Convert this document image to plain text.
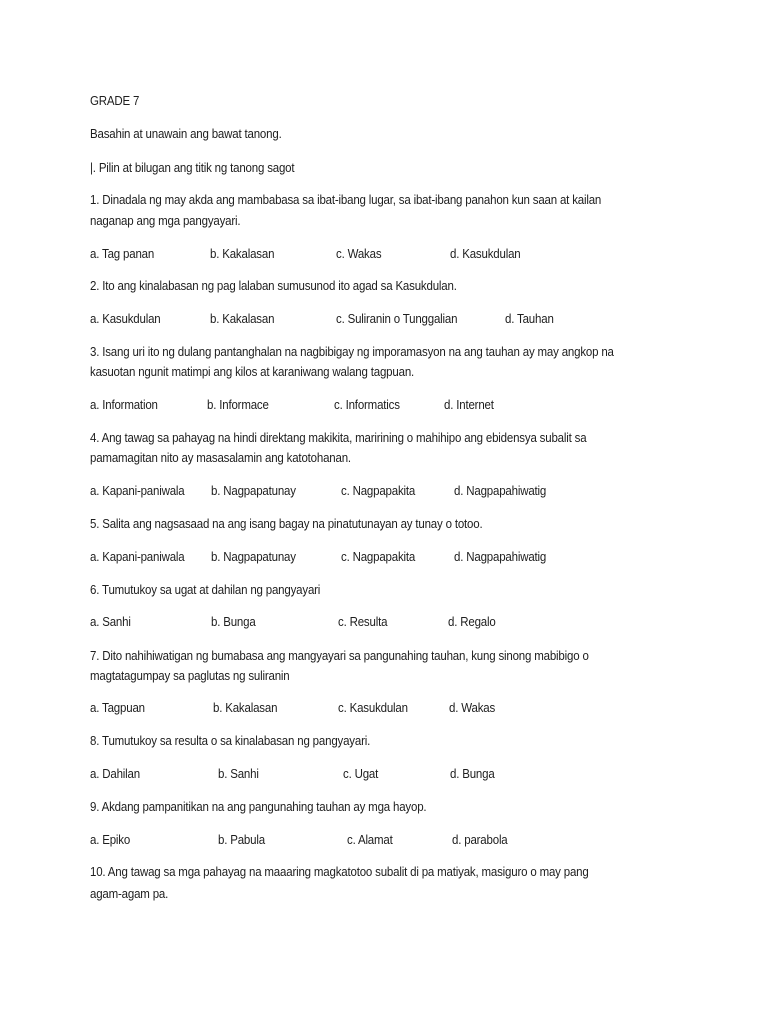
GRADE 7
Basahin at unawain ang bawat tanong.
|. Pilin at bilugan ang titik ng tanong sagot
1. Dinadala ng may akda ang mambabasa sa ibat-ibang lugar, sa ibat-ibang panahon kun saan at kailan
naganap ang mga pangyayari.
a. Tag panan	b. Kakalasan	c. Wakas	d. Kasukdulan
2. Ito ang kinalabasan ng pag lalaban sumusunod ito agad sa Kasukdulan.
a. Kasukdulan	b. Kakalasan	c. Suliranin o Tunggalian	d. Tauhan
3. Isang uri ito ng dulang pantanghalan na nagbibigay ng imporamasyon na ang tauhan ay may angkop na
kasuotan ngunit matimpi ang kilos at karaniwang walang tagpuan.
a. Information	b. Informace	c. Informatics	d. Internet
4. Ang tawag sa pahayag na hindi direktang makikita, maririning o mahihipo ang ebidensya subalit sa
pamamagitan nito ay masasalamin ang katotohanan.
a. Kapani-paniwala b. Nagpapatunay	c. Nagpapakita	d. Nagpapahiwatig
5. Salita ang nagsasaad na ang isang bagay na pinatutunayan ay tunay o totoo.
a. Kapani-paniwala b. Nagpapatunay	c. Nagpapakita	d. Nagpapahiwatig
6. Tumutukoy sa ugat at dahilan ng pangyayari
a. Sanhi	b. Bunga	c. Resulta	d. Regalo
7. Dito nahihiwatigan ng bumabasa ang mangyayari sa pangunahing tauhan, kung sinong mabibigo o
magtatagumpay sa paglutas ng suliranin
a. Tagpuan	b. Kakalasan	c. Kasukdulan	d. Wakas
8. Tumutukoy sa resulta o sa kinalabasan ng pangyayari.
a. Dahilan	b. Sanhi	c. Ugat	d. Bunga
9. Akdang pampanitikan na ang pangunahing tauhan ay mga hayop.
a. Epiko	b. Pabula	c. Alamat	d. parabola
10. Ang tawag sa mga pahayag na maaaring magkatotoo subalit di pa matiyak, masiguro o may pang
agam-agam pa.
